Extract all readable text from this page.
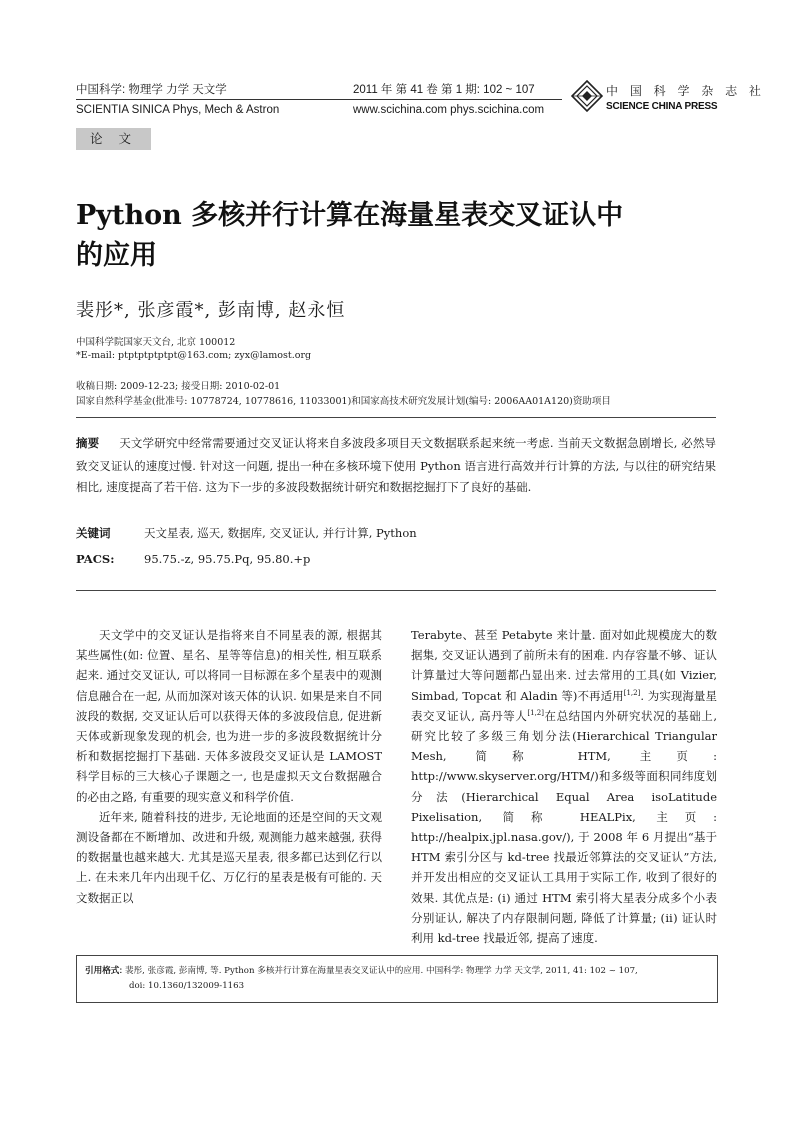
中国科学: 物理学 力学 天文学	2011 年 第 41 卷 第 1 期: 102 ~ 107
SCIENTIA SINICA Phys, Mech & Astron	www.scichina.com phys.scichina.com
中 国 科 学 杂 志 社
SCIENCE CHINA PRESS
论 文
Python 多核并行计算在海量星表交叉证认中
的应用
裴彤*, 张彦霞*, 彭南博, 赵永恒
中国科学院国家天文台, 北京 100012
*E-mail: ptptptptptpt@163.com; zyx@lamost.org
收稿日期: 2009-12-23; 接受日期: 2010-02-01
国家自然科学基金(批准号: 10778724, 10778616, 11033001)和国家高技术研究发展计划(编号: 2006AA01A120)资助项目
摘要 天文学研究中经常需要通过交叉证认将来自多波段多项目天文数据联系起来统一考虑. 当前天文数据急剧增长, 必然导致交叉证认的速度过慢. 针对这一问题, 提出一种在多核环境下使用 Python 语言进行高效并行计算的方法, 与以往的研究结果相比, 速度提高了若干倍. 这为下一步的多波段数据统计研究和数据挖掘打下了良好的基础.
关键词	天文星表, 巡天, 数据库, 交叉证认, 并行计算, Python
PACS:	95.75.-z, 95.75.Pq, 95.80.+p

天文学中的交叉证认是指将来自不同星表的源, 根据其某些属性(如: 位置、星名、星等等信息)的相关性, 相互联系起来. 通过交叉证认, 可以将同一目标源在多个星表中的观测信息融合在一起, 从而加深对该天体的认识. 如果是来自不同波段的数据, 交叉证认后可以获得天体的多波段信息, 促进新天体或新现象发现的机会, 也为进一步的多波段数据统计分析和数据挖掘打下基础. 天体多波段交叉证认是 LAMOST 科学目标的三大核心子课题之一, 也是虚拟天文台数据融合的必由之路, 有重要的现实意义和科学价值.

近年来, 随着科技的进步, 无论地面的还是空间的天文观测设备都在不断增加、改进和升级, 观测能力越来越强, 获得的数据量也越来越大. 尤其是巡天星表, 很多都已达到亿行以上. 在未来几年内出现千亿、万亿行的星表是极有可能的. 天文数据正以

Terabyte、甚至 Petabyte 来计量. 面对如此规模庞大的数据集, 交叉证认遇到了前所未有的困难. 内存容量不够、证认计算量过大等问题都凸显出来. 过去常用的工具(如 Vizier, Simbad, Topcat 和 Aladin 等)不再适用[1,2]. 为实现海量星表交叉证认, 高丹等人[1,2]在总结国内外研究状况的基础上, 研究比较了多级三角划分法(Hierarchical Triangular Mesh, 简称 HTM, 主页: http://www.skyserver.org/HTM/)和多级等面积同纬度划分法(Hierarchical Equal Area isoLatitude Pixelisation, 简称 HEALPix, 主页: http://healpix.jpl.nasa.gov/), 于 2008 年 6 月提出“基于 HTM 索引分区与 kd-tree 找最近邻算法的交叉证认”方法, 并开发出相应的交叉证认工具用于实际工作, 收到了很好的效果. 其优点是: (ⅰ) 通过 HTM 索引将大星表分成多个小表分别证认, 解决了内存限制问题, 降低了计算量; (ⅱ) 证认时利用 kd-tree 找最近邻, 提高了速度.

引用格式: 裴彤, 张彦霞, 彭南博, 等. Python 多核并行计算在海量星表交叉证认中的应用. 中国科学: 物理学 力学 天文学, 2011, 41: 102 ~ 107,
doi: 10.1360/132009-1163
